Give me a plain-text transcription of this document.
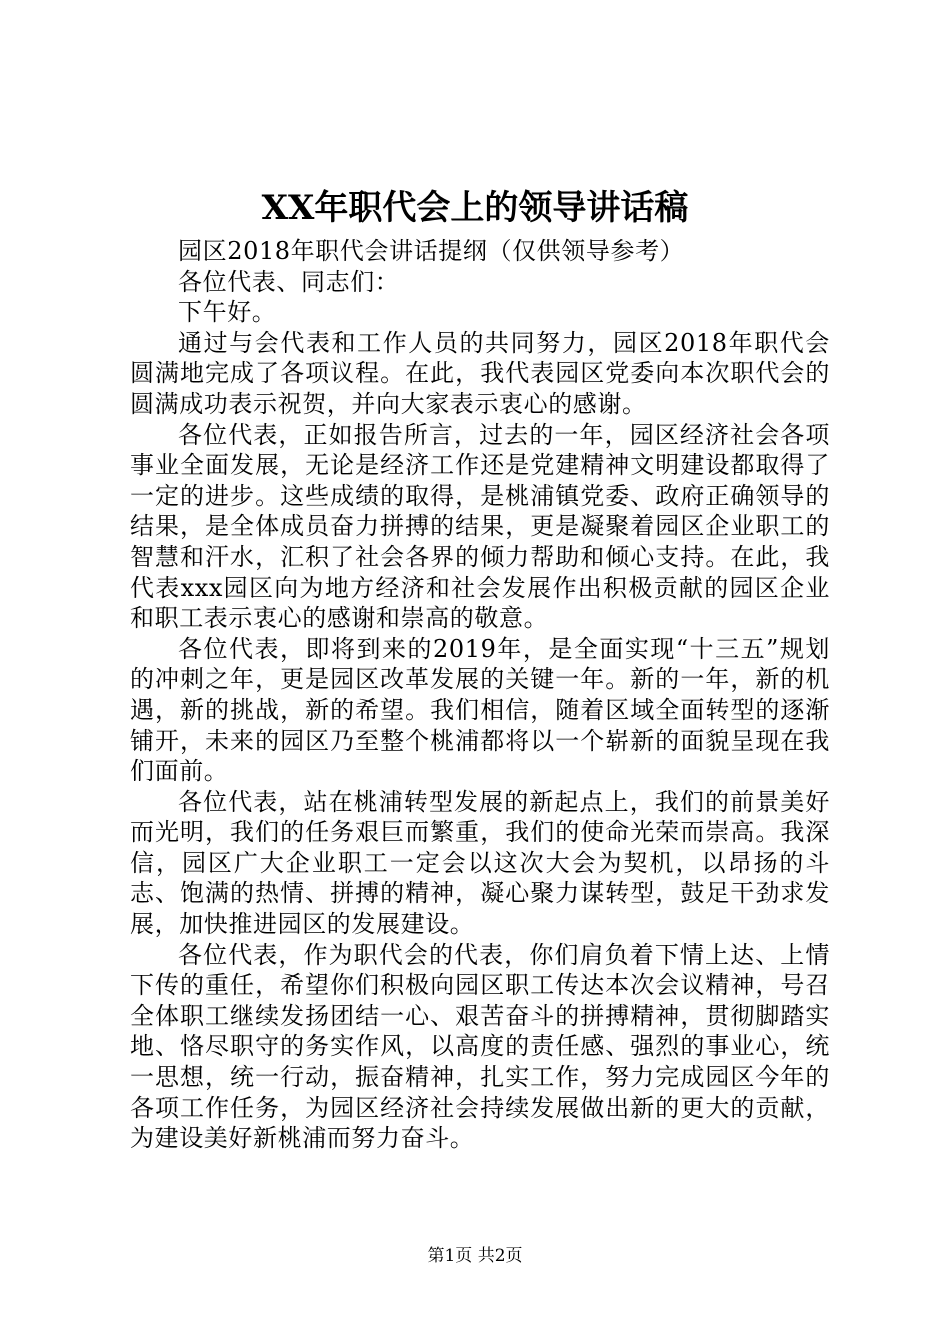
XX年职代会上的领导讲话稿

园区2018年职代会讲话提纲（仅供领导参考）

各位代表、同志们：

下午好。

通过与会代表和工作人员的共同努力，园区2018年职代会圆满地完成了各项议程。在此，我代表园区党委向本次职代会的圆满成功表示祝贺，并向大家表示衷心的感谢。

各位代表，正如报告所言，过去的一年，园区经济社会各项事业全面发展，无论是经济工作还是党建精神文明建设都取得了一定的进步。这些成绩的取得，是桃浦镇党委、政府正确领导的结果，是全体成员奋力拼搏的结果，更是凝聚着园区企业职工的智慧和汗水，汇积了社会各界的倾力帮助和倾心支持。在此，我代表xxx园区向为地方经济和社会发展作出积极贡献的园区企业和职工表示衷心的感谢和崇高的敬意。

各位代表，即将到来的2019年，是全面实现“十三五”规划的冲刺之年，更是园区改革发展的关键一年。新的一年，新的机遇，新的挑战，新的希望。我们相信，随着区域全面转型的逐渐铺开，未来的园区乃至整个桃浦都将以一个崭新的面貌呈现在我们面前。

各位代表，站在桃浦转型发展的新起点上，我们的前景美好而光明，我们的任务艰巨而繁重，我们的使命光荣而崇高。我深信，园区广大企业职工一定会以这次大会为契机，以昂扬的斗志、饱满的热情、拼搏的精神，凝心聚力谋转型，鼓足干劲求发展，加快推进园区的发展建设。

各位代表，作为职代会的代表，你们肩负着下情上达、上情下传的重任，希望你们积极向园区职工传达本次会议精神，号召全体职工继续发扬团结一心、艰苦奋斗的拼搏精神，贯彻脚踏实地、恪尽职守的务实作风，以高度的责任感、强烈的事业心，统一思想，统一行动，振奋精神，扎实工作，努力完成园区今年的各项工作任务，为园区经济社会持续发展做出新的更大的贡献，为建设美好新桃浦而努力奋斗。

第1页 共2页
